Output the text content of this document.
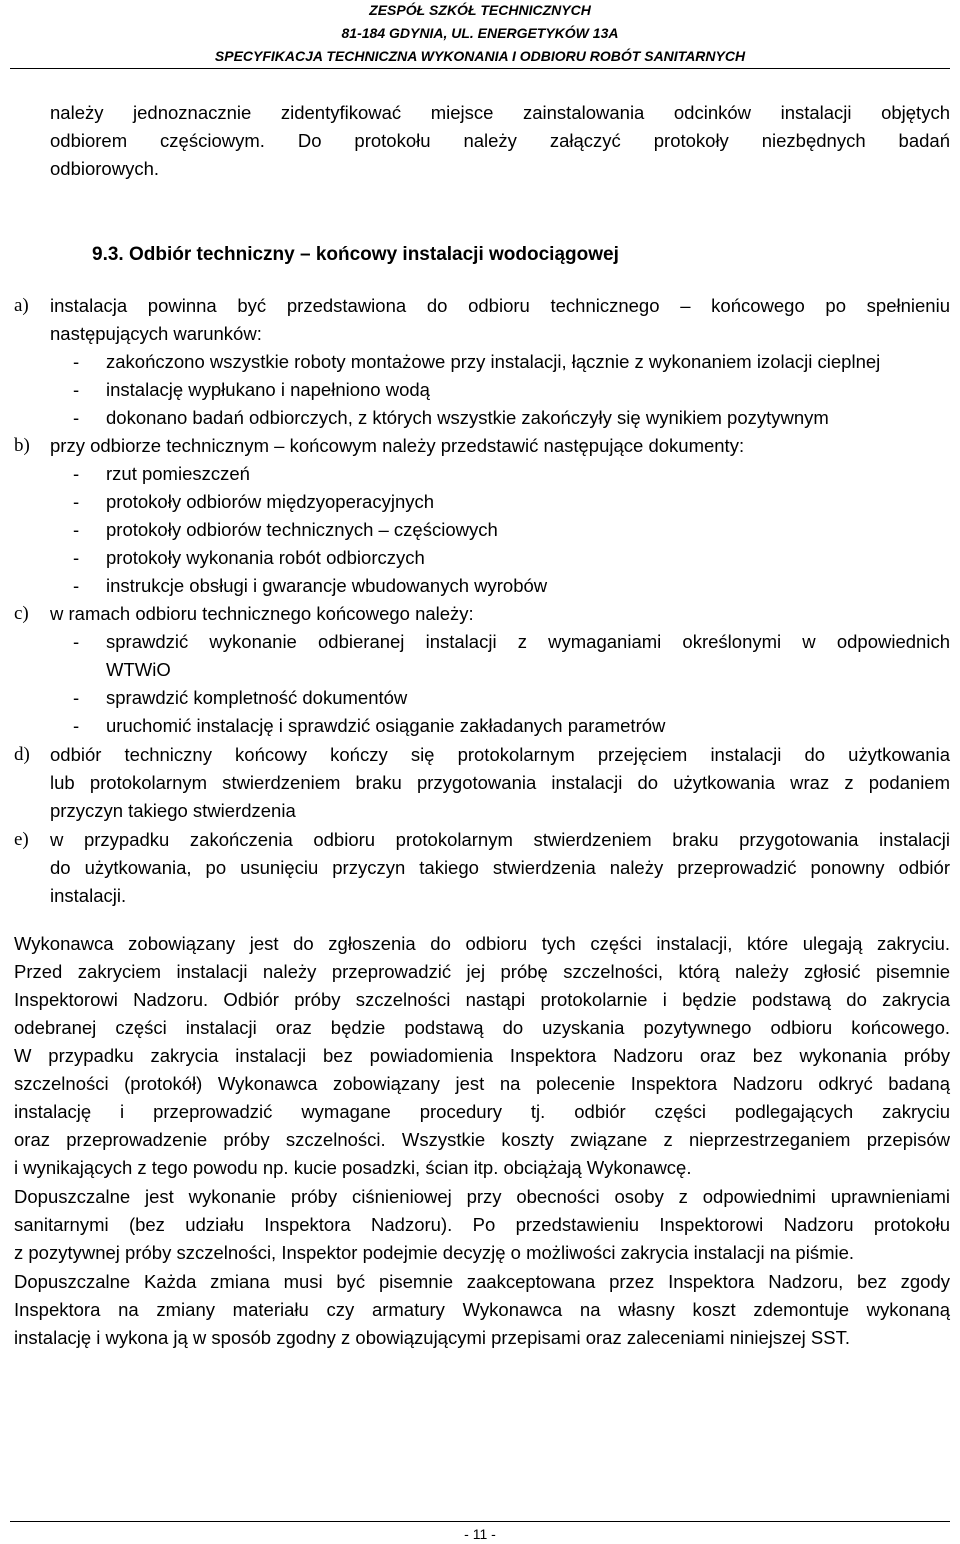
ZESPÓŁ SZKÓŁ TECHNICZNYCH
81-184 GDYNIA, UL. ENERGETYKÓW 13A
SPECYFIKACJA TECHNICZNA WYKONANIA I ODBIORU ROBÓT SANITARNYCH
należy jednoznacznie zidentyfikować miejsce zainstalowania odcinków instalacji objętych
odbiorem częściowym. Do protokołu należy załączyć protokoły niezbędnych badań
odbiorowych.
9.3. Odbiór techniczny – końcowy instalacji wodociągowej
a) instalacja powinna być przedstawiona do odbioru technicznego – końcowego po spełnieniu
następujących warunków:
- zakończono wszystkie roboty montażowe przy instalacji, łącznie z wykonaniem izolacji cieplnej
- instalację wypłukano i napełniono wodą
- dokonano badań odbiorczych, z których wszystkie zakończyły się wynikiem pozytywnym
b) przy odbiorze technicznym – końcowym należy przedstawić następujące dokumenty:
- rzut pomieszczeń
- protokoły odbiorów międzyoperacyjnych
- protokoły odbiorów technicznych – częściowych
- protokoły wykonania robót odbiorczych
- instrukcje obsługi i gwarancje wbudowanych wyrobów
c) w ramach odbioru technicznego końcowego należy:
- sprawdzić wykonanie odbieranej instalacji z wymaganiami określonymi w odpowiednich
WTWiO
- sprawdzić kompletność dokumentów
- uruchomić instalację i sprawdzić osiąganie zakładanych parametrów
d) odbiór techniczny końcowy kończy się protokolarnym przejęciem instalacji do użytkowania
lub protokolarnym stwierdzeniem braku przygotowania instalacji do użytkowania wraz z podaniem
przyczyn takiego stwierdzenia
e) w przypadku zakończenia odbioru protokolarnym stwierdzeniem braku przygotowania instalacji
do użytkowania, po usunięciu przyczyn takiego stwierdzenia należy przeprowadzić ponowny odbiór
instalacji.
Wykonawca zobowiązany jest do zgłoszenia do odbioru tych części instalacji, które ulegają zakryciu.
Przed zakryciem instalacji należy przeprowadzić jej próbę szczelności, którą należy zgłosić pisemnie
Inspektorowi Nadzoru. Odbiór próby szczelności nastąpi protokolarnie i będzie podstawą do zakrycia
odebranej części instalacji oraz będzie podstawą do uzyskania pozytywnego odbioru końcowego.
W przypadku zakrycia instalacji bez powiadomienia Inspektora Nadzoru oraz bez wykonania próby
szczelności (protokół) Wykonawca zobowiązany jest na polecenie Inspektora Nadzoru odkryć badaną
instalację i przeprowadzić wymagane procedury tj. odbiór części podlegających zakryciu
oraz przeprowadzenie próby szczelności. Wszystkie koszty związane z nieprzestrzeganiem przepisów
i wynikających z tego powodu np. kucie posadzki, ścian itp. obciążają Wykonawcę.
Dopuszczalne jest wykonanie próby ciśnieniowej przy obecności osoby z odpowiednimi uprawnieniami
sanitarnymi (bez udziału Inspektora Nadzoru). Po przedstawieniu Inspektorowi Nadzoru protokołu
z pozytywnej próby szczelności, Inspektor podejmie decyzję o możliwości zakrycia instalacji na piśmie.
Dopuszczalne Każda zmiana musi być pisemnie zaakceptowana przez Inspektora Nadzoru, bez zgody
Inspektora na zmiany materiału czy armatury Wykonawca na własny koszt zdemontuje wykonaną
instalację i wykona ją w sposób zgodny z obowiązującymi przepisami oraz zaleceniami niniejszej SST.
- 11 -
